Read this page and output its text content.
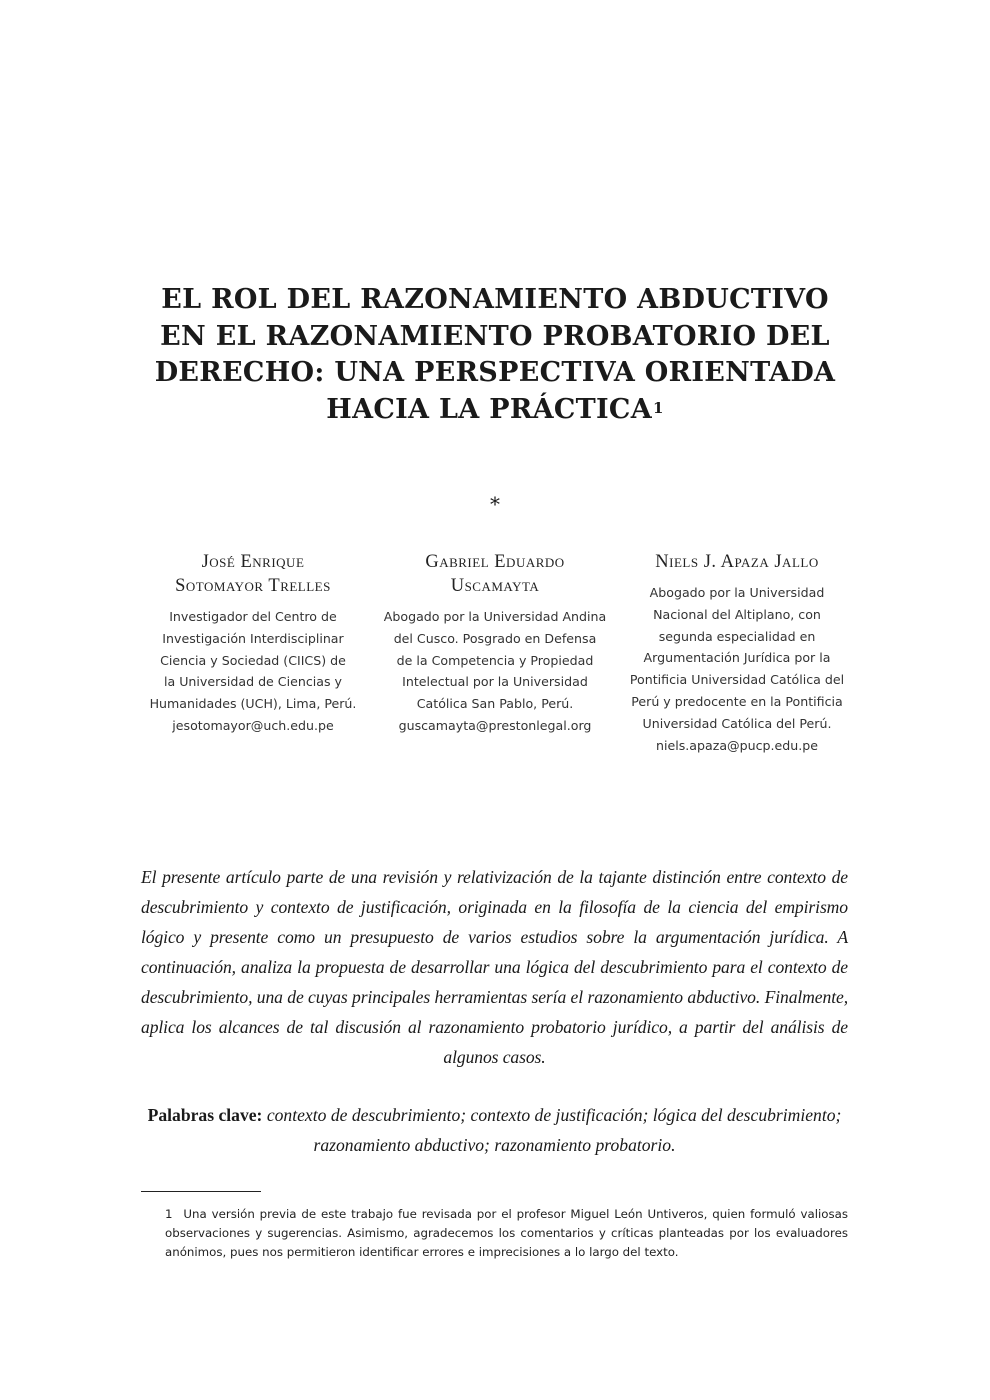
EL ROL DEL RAZONAMIENTO ABDUCTIVO
EN EL RAZONAMIENTO PROBATORIO DEL
DERECHO: UNA PERSPECTIVA ORIENTADA
HACIA LA PRÁCTICA$^1$
*
José Enrique
Sotomayor Trelles
Investigador del Centro de
Investigación Interdisciplinar
Ciencia y Sociedad (CIICS) de
la Universidad de Ciencias y
Humanidades (UCH), Lima, Perú.
jesotomayor@uch.edu.pe
Gabriel Eduardo
Uscamayta
Abogado por la Universidad Andina
del Cusco. Posgrado en Defensa
de la Competencia y Propiedad
Intelectual por la Universidad
Católica San Pablo, Perú.
guscamayta@prestonlegal.org
Niels J. Apaza Jallo
Abogado por la Universidad
Nacional del Altiplano, con
segunda especialidad en
Argumentación Jurídica por la
Pontificia Universidad Católica del
Perú y predocente en la Pontificia
Universidad Católica del Perú.
niels.apaza@pucp.edu.pe
El presente artículo parte de una revisión y relativización de la tajante distinción entre contexto de descubrimiento y contexto de justificación, originada en la filosofía de la ciencia del empirismo lógico y presente como un presupuesto de varios estudios sobre la argumentación jurídica. A continuación, analiza la propuesta de desarrollar una lógica del descubrimiento para el contexto de descubrimiento, una de cuyas principales herramientas sería el razonamiento abductivo. Finalmente, aplica los alcances de tal discusión al razonamiento probatorio jurídico, a partir del análisis de algunos casos.
Palabras clave: contexto de descubrimiento; contexto de justificación; lógica del descubrimiento; razonamiento abductivo; razonamiento probatorio.
1 Una versión previa de este trabajo fue revisada por el profesor Miguel León Untiveros, quien formuló valiosas observaciones y sugerencias. Asimismo, agradecemos los comentarios y críticas planteadas por los evaluadores anónimos, pues nos permitieron identificar errores e imprecisiones a lo largo del texto.
